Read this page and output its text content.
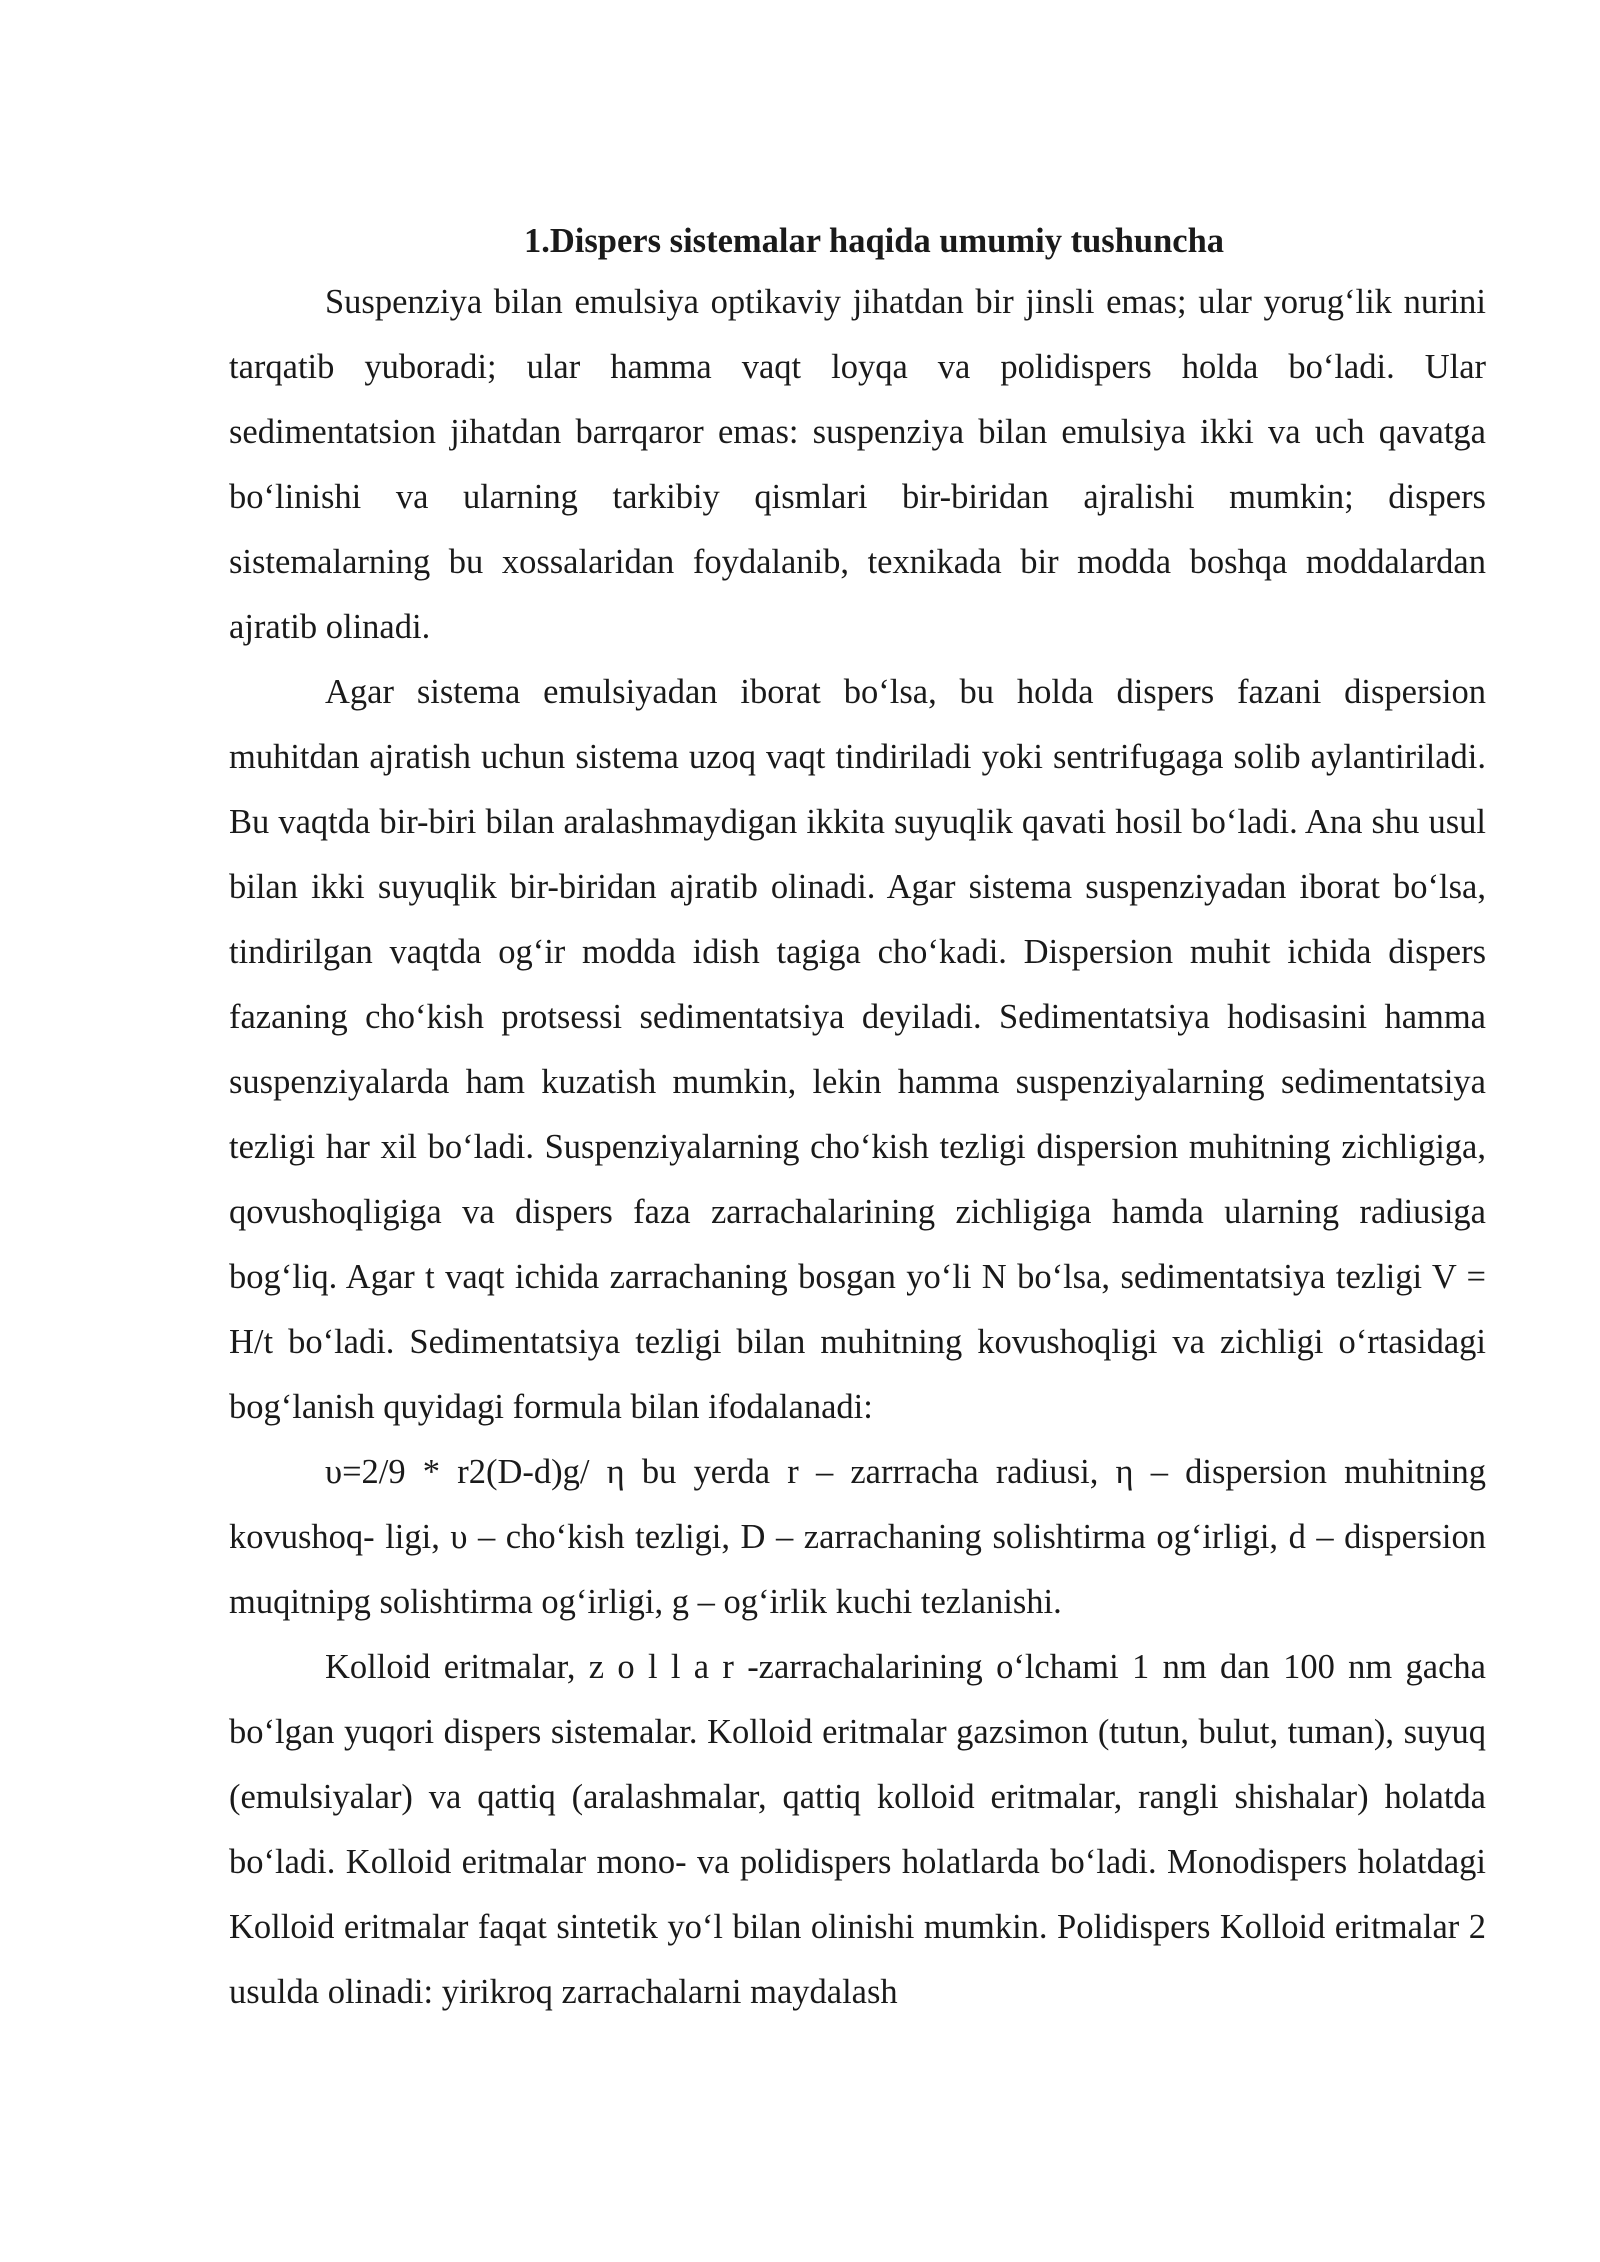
1.Dispers sistemalar haqida umumiy tushuncha

Suspenziya bilan emulsiya optikaviy jihatdan bir jinsli emas; ular yorug‘lik nurini tarqatib yuboradi; ular hamma vaqt loyqa va polidispers holda bo‘ladi. Ular sedimentatsion jihatdan barrqaror emas: suspenziya bilan emulsiya ikki va uch qavatga bo‘linishi va ularning tarkibiy qismlari bir-biridan ajralishi mumkin; dispers sistemalarning bu xossalaridan foydalanib, texnikada bir modda boshqa moddalardan ajratib olinadi.

Agar sistema emulsiyadan iborat bo‘lsa, bu holda dispers fazani dispersion muhitdan ajratish uchun sistema uzoq vaqt tindiriladi yoki sentrifugaga solib aylantiriladi. Bu vaqtda bir-biri bilan aralashmaydigan ikkita suyuqlik qavati hosil bo‘ladi. Ana shu usul bilan ikki suyuqlik bir-biridan ajratib olinadi. Agar sistema suspenziyadan iborat bo‘lsa, tindirilgan vaqtda og‘ir modda idish tagiga cho‘kadi. Dispersion muhit ichida dispers fazaning cho‘kish protsessi sedimentatsiya deyiladi. Sedimentatsiya hodisasini hamma suspenziyalarda ham kuzatish mumkin, lekin hamma suspenziyalarning sedimentatsiya tezligi har xil bo‘ladi. Suspenziyalarning cho‘kish tezligi dispersion muhitning zichligiga, qovushoqligiga va dispers faza zarrachalarining zichligiga hamda ularning radiusiga bog‘liq. Agar t vaqt ichida zarrachaning bosgan yo‘li N bo‘lsa, sedimentatsiya tezligi V = H/t bo‘ladi. Sedimentatsiya tezligi bilan muhitning kovushoqligi va zichligi o‘rtasidagi bog‘lanish quyidagi formula bilan ifodalanadi:

υ=2/9 * r2(D-d)g/ η bu yerda r – zarrracha radiusi, η – dispersion muhitning kovushoq- ligi, υ – cho‘kish tezligi, D – zarrachaning solishtirma og‘irligi, d – dispersion muqitnipg solishtirma og‘irligi, g – og‘irlik kuchi tezlanishi.

Kolloid eritmalar, z o l l a r -zarrachalarining o‘lchami 1 nm dan 100 nm gacha bo‘lgan yuqori dispers sistemalar. Kolloid eritmalar gazsimon (tutun, bulut, tuman), suyuq (emulsiyalar) va qattiq (aralashmalar, qattiq kolloid eritmalar, rangli shishalar) holatda bo‘ladi. Kolloid eritmalar mono- va polidispers holatlarda bo‘ladi. Monodispers holatdagi Kolloid eritmalar faqat sintetik yo‘l bilan olinishi mumkin. Polidispers Kolloid eritmalar 2 usulda olinadi: yirikroq zarrachalarni maydalash
